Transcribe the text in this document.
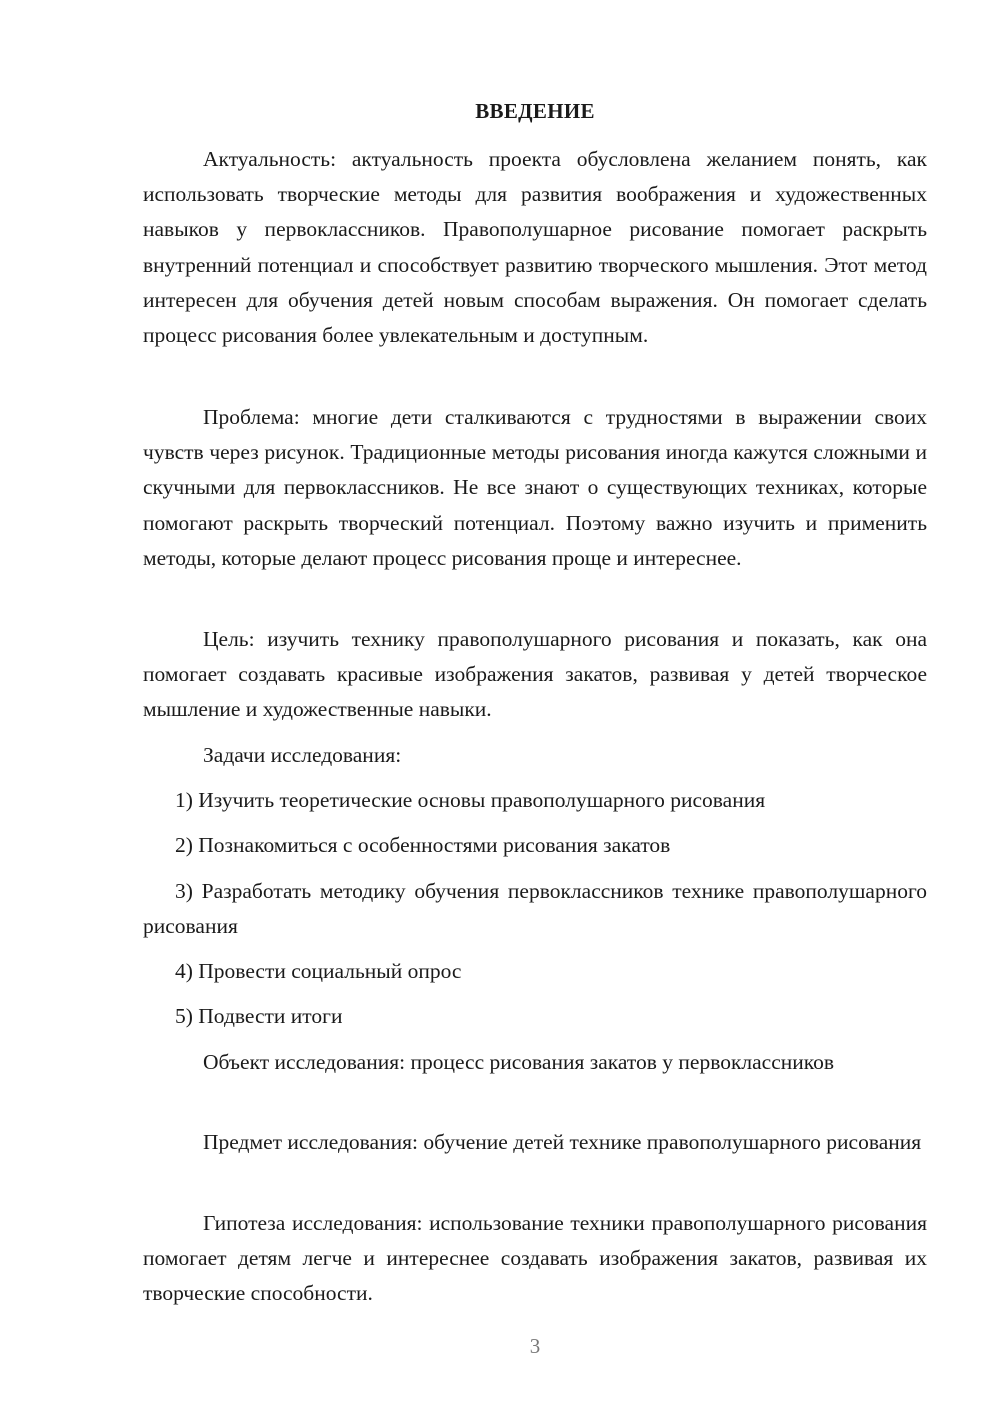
ВВЕДЕНИЕ

Актуальность: актуальность проекта обусловлена желанием понять, как использовать творческие методы для развития воображения и художественных навыков у первоклассников. Правополушарное рисование помогает раскрыть внутренний потенциал и способствует развитию творческого мышления. Этот метод интересен для обучения детей новым способам выражения. Он помогает сделать процесс рисования более увлекательным и доступным.

Проблема: многие дети сталкиваются с трудностями в выражении своих чувств через рисунок. Традиционные методы рисования иногда кажутся сложными и скучными для первоклассников. Не все знают о существующих техниках, которые помогают раскрыть творческий потенциал. Поэтому важно изучить и применить методы, которые делают процесс рисования проще и интереснее.

Цель: изучить технику правополушарного рисования и показать, как она помогает создавать красивые изображения закатов, развивая у детей творческое мышление и художественные навыки.

Задачи исследования:

1) Изучить теоретические основы правополушарного рисования

2) Познакомиться с особенностями рисования закатов

3) Разработать методику обучения первоклассников технике правополушарного рисования

4) Провести социальный опрос

5) Подвести итоги

Объект исследования: процесс рисования закатов у первоклассников

Предмет исследования: обучение детей технике правополушарного рисования

Гипотеза исследования: использование техники правополушарного рисования помогает детям легче и интереснее создавать изображения закатов, развивая их творческие способности.

3
